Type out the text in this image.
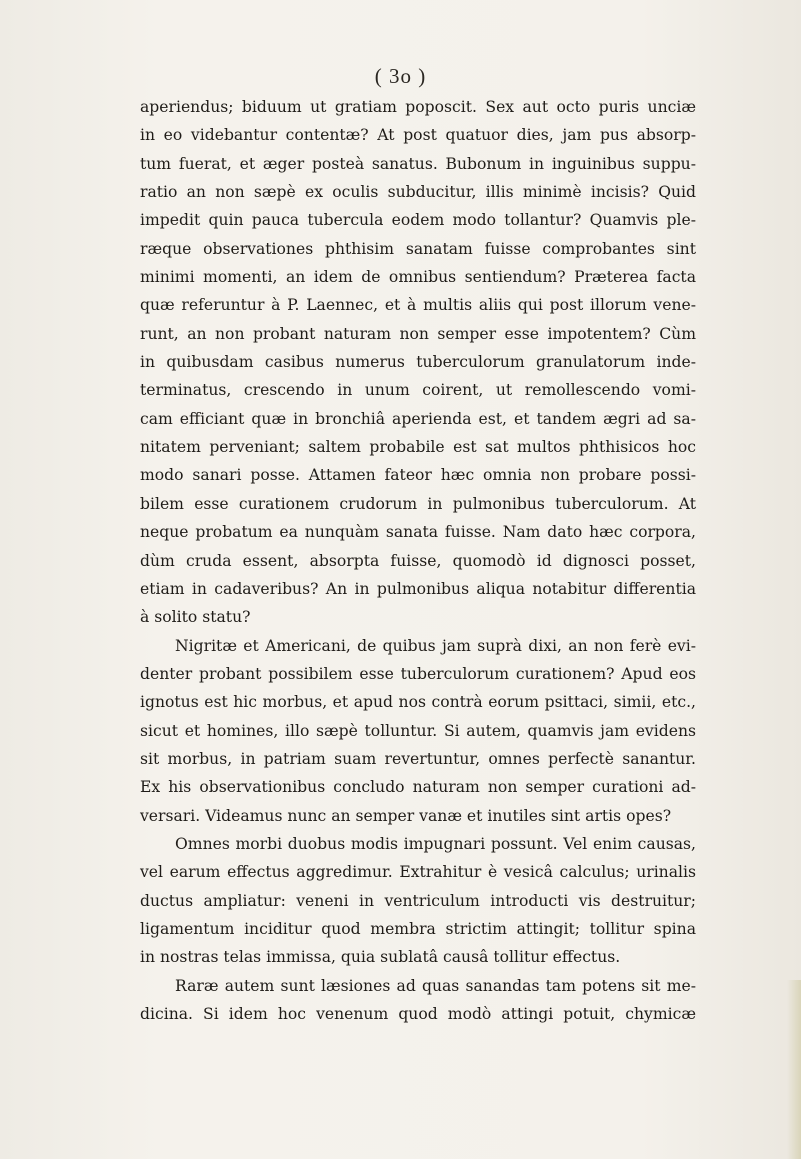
( 3o )
aperiendus; biduum ut gratiam poposcit. Sex aut octo puris unciæ
in eo videbantur contentæ? At post quatuor dies, jam pus absorp-
tum fuerat, et æger posteà sanatus. Bubonum in inguinibus suppu-
ratio an non sæpè ex oculis subducitur, illis minimè incisis? Quid
impedit quin pauca tubercula eodem modo tollantur? Quamvis ple-
ræque observationes phthisim sanatam fuisse comprobantes sint
minimi momenti, an idem de omnibus sentiendum? Præterea facta
quæ referuntur à P. Laennec, et à multis aliis qui post illorum vene-
runt, an non probant naturam non semper esse impotentem? Cùm
in quibusdam casibus numerus tuberculorum granulatorum inde-
terminatus, crescendo in unum coirent, ut remollescendo vomi-
cam efficiant quæ in bronchiâ aperienda est, et tandem ægri ad sa-
nitatem perveniant; saltem probabile est sat multos phthisicos hoc
modo sanari posse. Attamen fateor hæc omnia non probare possi-
bilem esse curationem crudorum in pulmonibus tuberculorum. At
neque probatum ea nunquàm sanata fuisse. Nam dato hæc corpora,
dùm cruda essent, absorpta fuisse, quomodò id dignosci posset,
etiam in cadaveribus? An in pulmonibus aliqua notabitur differentia
à solito statu?
Nigritæ et Americani, de quibus jam suprà dixi, an non ferè evi-
denter probant possibilem esse tuberculorum curationem? Apud eos
ignotus est hic morbus, et apud nos contrà eorum psittaci, simii, etc.,
sicut et homines, illo sæpè tolluntur. Si autem, quamvis jam evidens
sit morbus, in patriam suam revertuntur, omnes perfectè sanantur.
Ex his observationibus concludo naturam non semper curationi ad-
versari. Videamus nunc an semper vanæ et inutiles sint artis opes?
Omnes morbi duobus modis impugnari possunt. Vel enim causas,
vel earum effectus aggredimur. Extrahitur è vesicâ calculus; urinalis
ductus ampliatur: veneni in ventriculum introducti vis destruitur;
ligamentum inciditur quod membra strictim attingit; tollitur spina
in nostras telas immissa, quia sublatâ causâ tollitur effectus.
Raræ autem sunt læsiones ad quas sanandas tam potens sit me-
dicina. Si idem hoc venenum quod modò attingi potuit, chymicæ
